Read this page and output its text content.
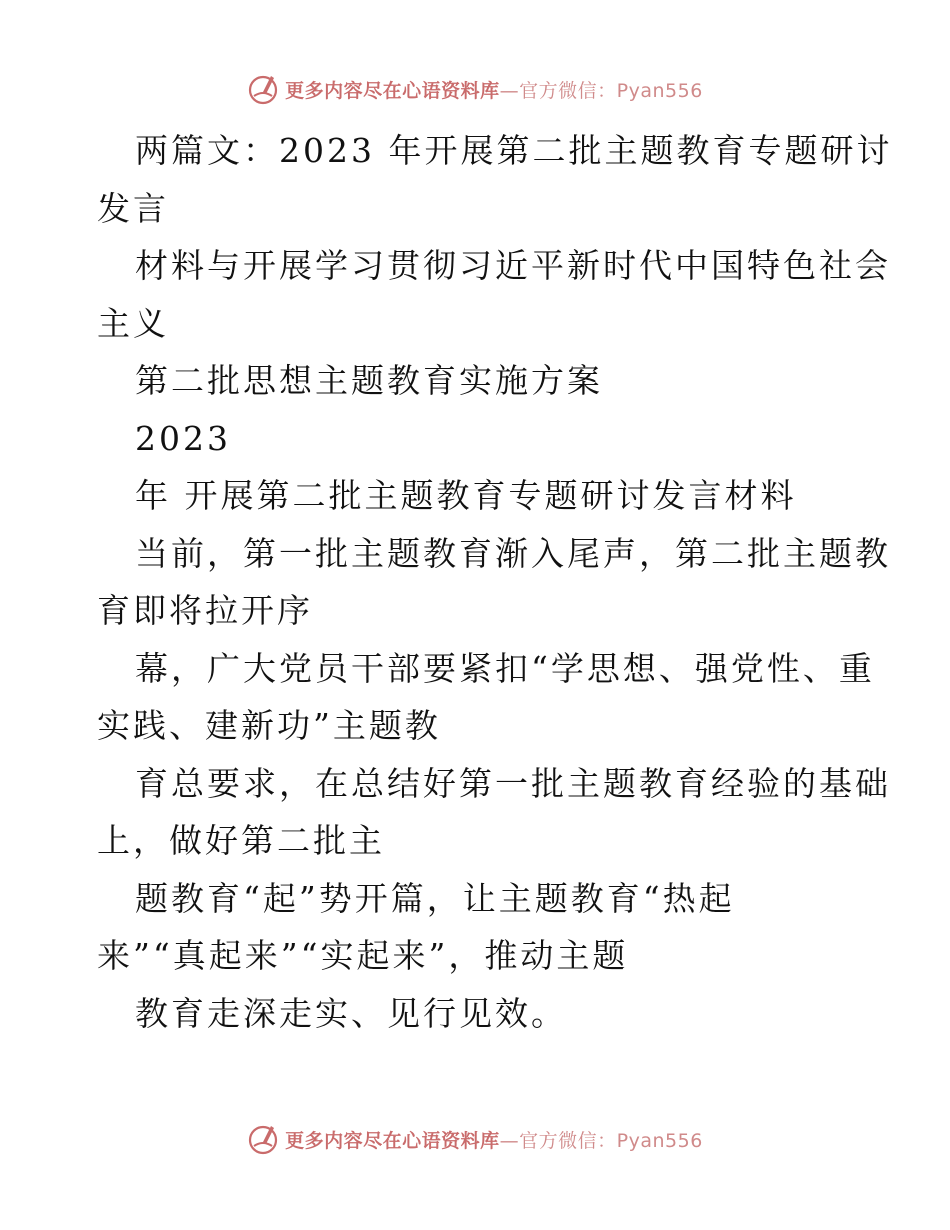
更多内容尽在心语资料库—官方微信：Pyan556
两篇文：2023 年开展第二批主题教育专题研讨
发言
材料与开展学习贯彻习近平新时代中国特色社会
主义
第二批思想主题教育实施方案
2023
年 开展第二批主题教育专题研讨发言材料
当前，第一批主题教育渐入尾声，第二批主题教
育即将拉开序
幕，广大党员干部要紧扣“学思想、强党性、重
实践、建新功”主题教
育总要求，在总结好第一批主题教育经验的基础
上，做好第二批主
题教育“起”势开篇，让主题教育“热起
来”“真起来”“实起来”，推动主题
教育走深走实、见行见效。
更多内容尽在心语资料库—官方微信：Pyan556
